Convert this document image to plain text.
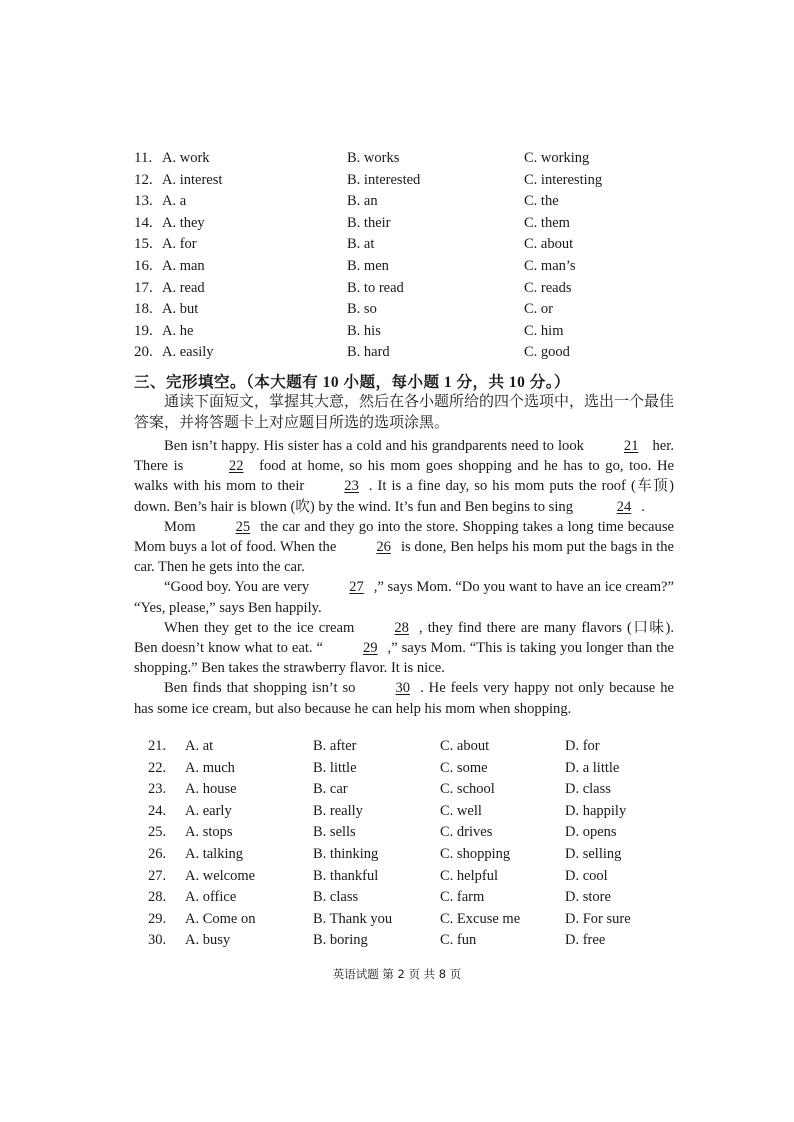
11. A. work	B. works	C. working
12. A. interest	B. interested	C. interesting
13. A. a	B. an	C. the
14. A. they	B. their	C. them
15. A. for	B. at	C. about
16. A. man	B. men	C. man’s
17. A. read	B. to read	C. reads
18. A. but	B. so	C. or
19. A. he	B. his	C. him
20. A. easily	B. hard	C. good
三、完形填空。（本大题有 10 小题，每小题 1 分，共 10 分。）
通读下面短文，掌握其大意，然后在各小题所给的四个选项中，选出一个最佳答案，并将答题卡上对应题目所选的选项涂黑。

Ben isn’t happy. His sister has a cold and his grandparents need to look	21 her. There is	22 food at home, so his mom goes shopping and he has to go, too. He walks with his mom to their	23 . It is a fine day, so his mom puts the roof (车顶) down. Ben’s hair is blown (吹) by the wind. It’s fun and Ben begins to sing	24 .

Mom	25 the car and they go into the store. Shopping takes a long time because Mom buys a lot of food. When the	26 is done, Ben helps his mom put the bags in the car. Then he gets into the car.

“Good boy. You are very	27 ,” says Mom. “Do you want to have an ice cream?” “Yes, please,” says Ben happily.

When they get to the ice cream	28 , they find there are many flavors (口味). Ben doesn’t know what to eat. “	29 ,” says Mom. “This is taking you longer than the shopping.” Ben takes the strawberry flavor. It is nice.

Ben finds that shopping isn’t so	30 . He feels very happy not only because he has some ice cream, but also because he can help his mom when shopping.

21. A. at	B. after	C. about	D. for
22. A. much	B. little	C. some	D. a little
23. A. house	B. car	C. school	D. class
24. A. early	B. really	C. well	D. happily
25. A. stops	B. sells	C. drives	D. opens
26. A. talking	B. thinking	C. shopping	D. selling
27. A. welcome	B. thankful	C. helpful	D. cool
28. A. office	B. class	C. farm	D. store
29. A. Come on	B. Thank you	C. Excuse me	D. For sure
30. A. busy	B. boring	C. fun	D. free
英语试题 第 2 页 共 8 页
